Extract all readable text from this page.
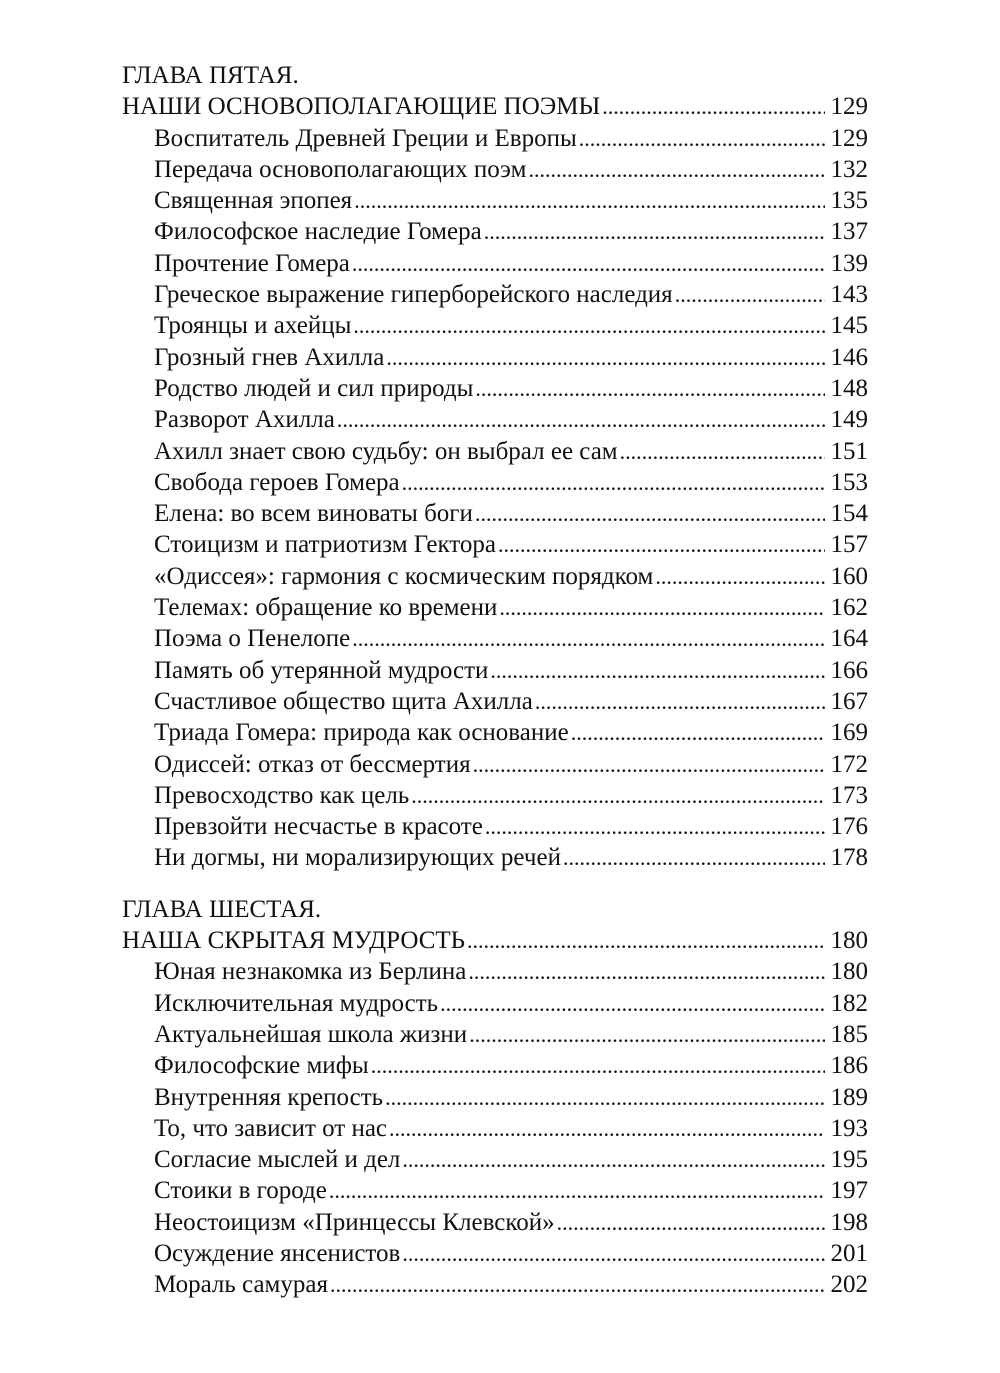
ГЛАВА ПЯТАЯ.
НАШИ ОСНОВОПОЛАГАЮЩИЕ ПОЭМЫ .....	129
Воспитатель Древней Греции и Европы .....	129
Передача основополагающих поэм .....	132
Священная эпопея .....	135
Философское наследие Гомера .....	137
Прочтение Гомера .....	139
Греческое выражение гиперборейского наследия .....	143
Троянцы и ахейцы .....	145
Грозный гнев Ахилла .....	146
Родство людей и сил природы .....	148
Разворот Ахилла .....	149
Ахилл знает свою судьбу: он выбрал ее сам .....	151
Свобода героев Гомера .....	153
Елена: во всем виноваты боги .....	154
Стоицизм и патриотизм Гектора .....	157
«Одиссея»: гармония с космическим порядком .....	160
Телемах: обращение ко времени .....	162
Поэма о Пенелопе .....	164
Память об утерянной мудрости .....	166
Счастливое общество щита Ахилла .....	167
Триада Гомера: природа как основание .....	169
Одиссей: отказ от бессмертия .....	172
Превосходство как цель .....	173
Превзойти несчастье в красоте .....	176
Ни догмы, ни морализирующих речей .....	178
ГЛАВА ШЕСТАЯ.
НАША СКРЫТАЯ МУДРОСТЬ .....	180
Юная незнакомка из Берлина .....	180
Исключительная мудрость .....	182
Актуальнейшая школа жизни .....	185
Философские мифы .....	186
Внутренняя крепость .....	189
То, что зависит от нас .....	193
Согласие мыслей и дел .....	195
Стоики в городе .....	197
Неостоицизм «Принцессы Клевской» .....	198
Осуждение янсенистов .....	201
Мораль самурая .....	202
